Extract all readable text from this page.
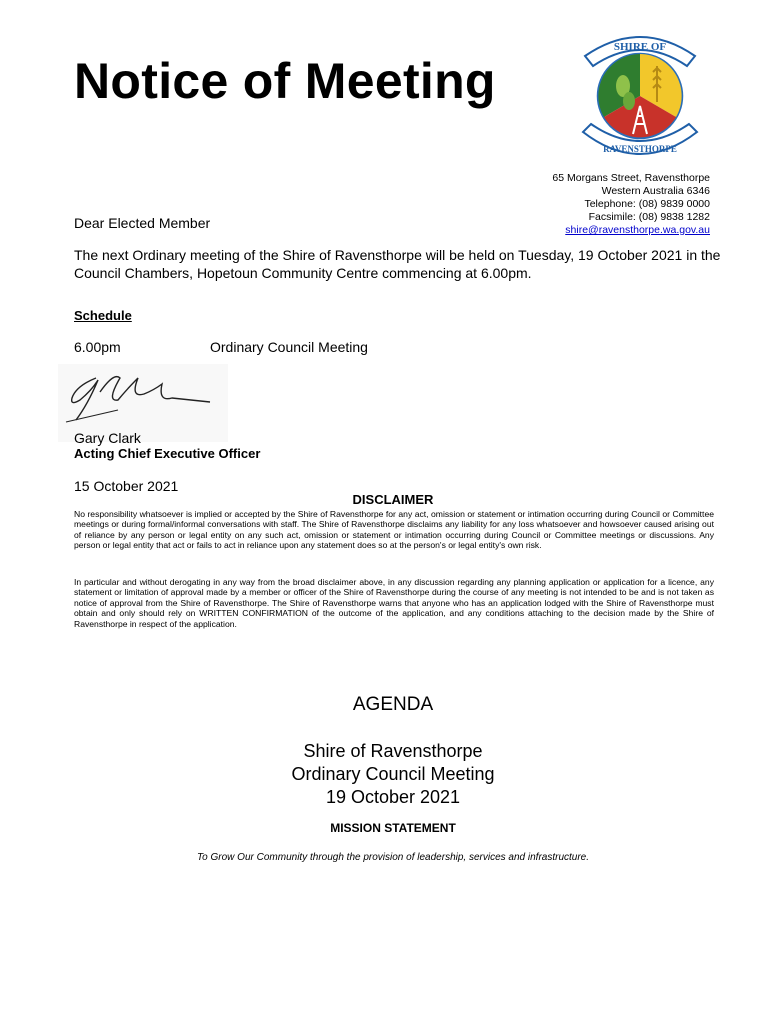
Notice of Meeting
SHIRE OF
RAVENSTHORPE
65 Morgans Street, Ravensthorpe
Western Australia 6346
Telephone: (08) 9839 0000
Facsimile: (08) 9838 1282
shire@ravensthorpe.wa.gov.au
Dear Elected Member
The next Ordinary meeting of the Shire of Ravensthorpe will be held on Tuesday, 19 October 2021 in the Council Chambers, Hopetoun Community Centre commencing at 6.00pm.
Schedule
6.00pm	Ordinary Council Meeting
Gary Clark
Acting Chief Executive Officer
15 October 2021
DISCLAIMER
No responsibility whatsoever is implied or accepted by the Shire of Ravensthorpe for any act, omission or statement or intimation occurring during Council or Committee meetings or during formal/informal conversations with staff. The Shire of Ravensthorpe disclaims any liability for any loss whatsoever and howsoever caused arising out of reliance by any person or legal entity on any such act, omission or statement or intimation occurring during Council or Committee meetings or discussions. Any person or legal entity that act or fails to act in reliance upon any statement does so at the person's or legal entity's own risk.
In particular and without derogating in any way from the broad disclaimer above, in any discussion regarding any planning application or application for a licence, any statement or limitation of approval made by a member or officer of the Shire of Ravensthorpe during the course of any meeting is not intended to be and is not taken as notice of approval from the Shire of Ravensthorpe. The Shire of Ravensthorpe warns that anyone who has an application lodged with the Shire of Ravensthorpe must obtain and only should rely on WRITTEN CONFIRMATION of the outcome of the application, and any conditions attaching to the decision made by the Shire of Ravensthorpe in respect of the application.
AGENDA
Shire of Ravensthorpe
Ordinary Council Meeting
19 October 2021
MISSION STATEMENT
To Grow Our Community through the provision of leadership, services and infrastructure.
